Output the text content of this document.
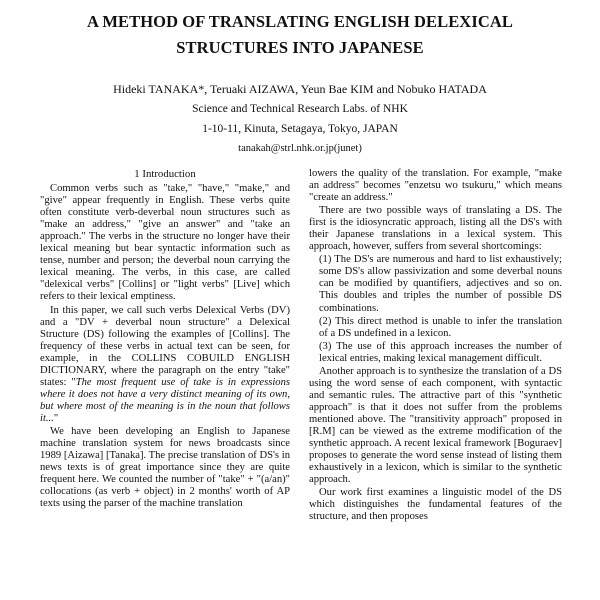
A METHOD OF TRANSLATING ENGLISH DELEXICAL
STRUCTURES INTO JAPANESE

Hideki TANAKA*, Teruaki AIZAWA, Yeun Bae KIM and Nobuko HATADA

Science and Technical Research Labs. of NHK

1-10-11, Kinuta, Setagaya, Tokyo, JAPAN

tanakah@strl.nhk.or.jp(junet)

1 Introduction

Common verbs such as "take," "have," "make," and "give" appear frequently in English. These verbs quite often constitute verb-deverbal noun structures such as "make an address," "give an answer" and "take an approach." The verbs in the structure no longer have their lexical meaning but bear syntactic information such as tense, number and person; the deverbal noun carrying the lexical meaning. The verbs, in this case, are called "delexical verbs" [Collins] or "light verbs" [Live] which refers to their lexical emptiness.

In this paper, we call such verbs Delexical Verbs (DV) and a "DV + deverbal noun structure" a Delexical Structure (DS) following the examples of [Collins]. The frequency of these verbs in actual text can be seen, for example, in the COLLINS COBUILD ENGLISH DICTIONARY, where the paragraph on the entry "take" states: "The most frequent use of take is in expressions where it does not have a very distinct meaning of its own, but where most of the meaning is in the noun that follows it..."

We have been developing an English to Japanese machine translation system for news broadcasts since 1989 [Aizawa] [Tanaka]. The precise translation of DS's in news texts is of great importance since they are quite frequent here. We counted the number of "take" + "(a/an)" collocations (as verb + object) in 2 months' worth of AP texts using the parser of the machine translation

lowers the quality of the translation. For example, "make an address" becomes "enzetsu wo tsukuru," which means "create an address."

There are two possible ways of translating a DS. The first is the idiosyncratic approach, listing all the DS's with their Japanese translations in a lexical system. This approach, however, suffers from several shortcomings:

(1) The DS's are numerous and hard to list exhaustively; some DS's allow passivization and some deverbal nouns can be modified by quantifiers, adjectives and so on. This doubles and triples the number of possible DS combinations.

(2) This direct method is unable to infer the translation of a DS undefined in a lexicon.

(3) The use of this approach increases the number of lexical entries, making lexical management difficult.

Another approach is to synthesize the translation of a DS using the word sense of each component, with syntactic and semantic rules. The attractive part of this "synthetic approach" is that it does not suffer from the problems mentioned above. The "transitivity approach" proposed in [R.M] can be viewed as the extreme modification of the synthetic approach. A recent lexical framework [Boguraev] proposes to generate the word sense instead of listing them exhaustively in a lexicon, which is similar to the synthetic approach.

Our work first examines a linguistic model of the DS which distinguishes the fundamental features of the structure, and then proposes
